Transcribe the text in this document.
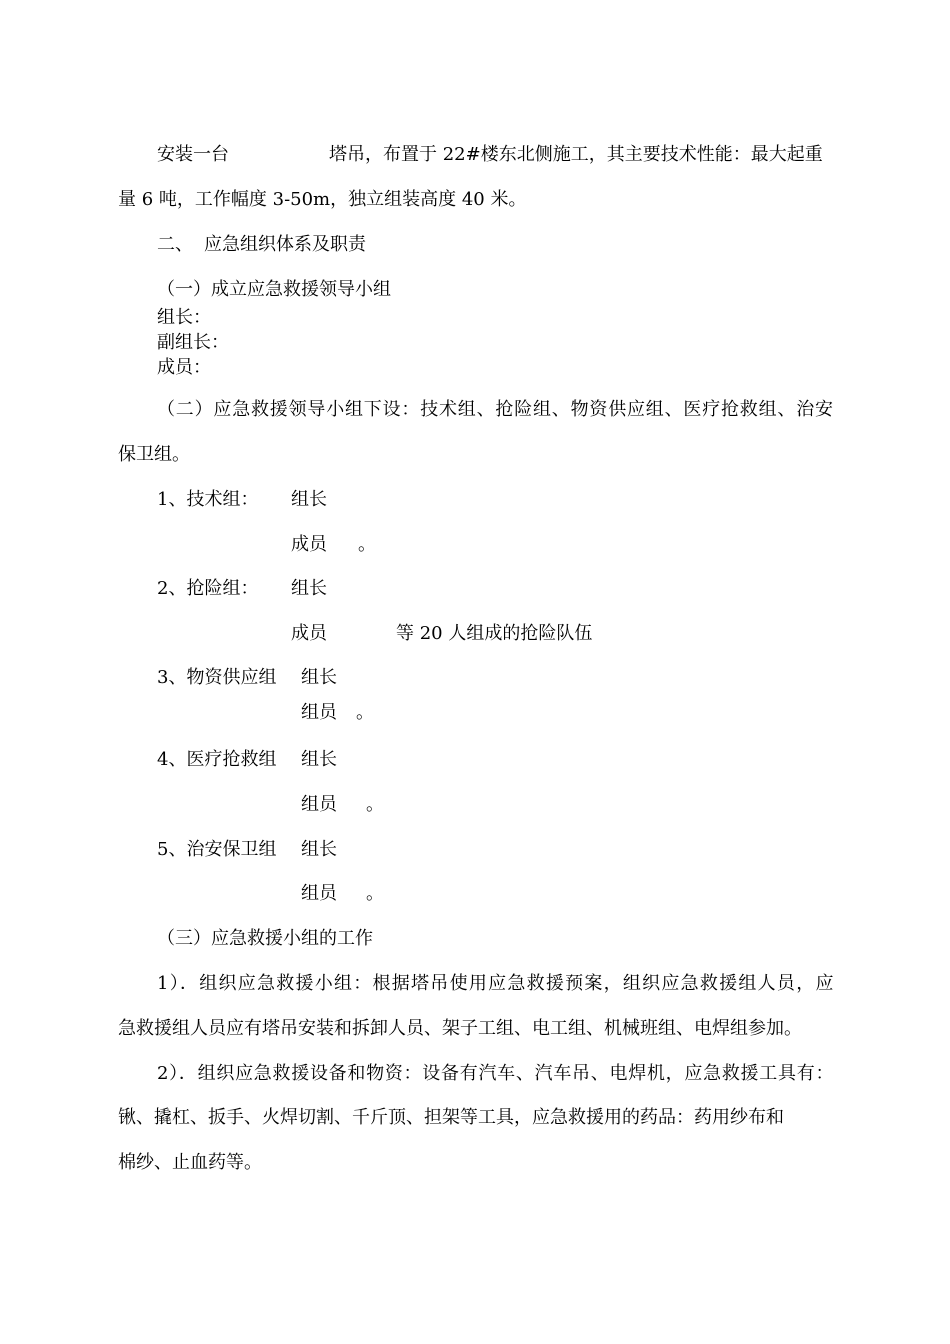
安装一台	塔吊，布置于 22#楼东北侧施工，其主要技术性能：最大起重
量 6 吨，工作幅度 3-50m，独立组装高度 40 米。
二、 应急组织体系及职责
（一）成立应急救援领导小组
组长：
副组长：
成员：
（二）应急救援领导小组下设：技术组、抢险组、物资供应组、医疗抢救组、治安
保卫组。
1、技术组： 组长
成员 。
2、抢险组： 组长
成员	等 20 人组成的抢险队伍
3、物资供应组 组长
组员 。
4、医疗抢救组 组长
组员 。
5、治安保卫组 组长
组员 。
（三）应急救援小组的工作
1）．组织应急救援小组：根据塔吊使用应急救援预案，组织应急救援组人员，应
急救援组人员应有塔吊安装和拆卸人员、架子工组、电工组、机械班组、电焊组参加。
2）．组织应急救援设备和物资：设备有汽车、汽车吊、电焊机，应急救援工具有：
锹、撬杠、扳手、火焊切割、千斤顶、担架等工具，应急救援用的药品：药用纱布和
棉纱、止血药等。
